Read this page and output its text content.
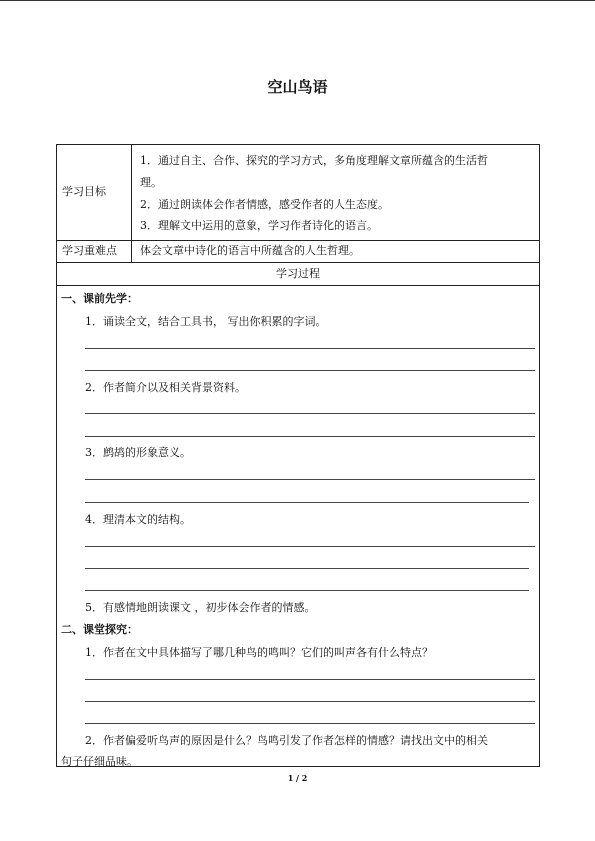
空山鸟语
学习目标
1．通过自主、合作、探究的学习方式，多角度理解文章所蕴含的生活哲
理。
2．通过朗读体会作者情感，感受作者的人生态度。
3．理解文中运用的意象，学习作者诗化的语言。
学习重难点 体会文章中诗化的语言中所蕴含的人生哲理。
学习过程
一、课前先学：
1．诵读全文，结合工具书， 写出你积累的字词。
2．作者简介以及相关背景资料。
3．鹧鸪的形象意义。
4．理清本文的结构。
5．有感情地朗读课文 ，初步体会作者的情感。
二、课堂探究：
1．作者在文中具体描写了哪几种鸟的鸣叫？它们的叫声各有什么特点？
2．作者偏爱听鸟声的原因是什么？鸟鸣引发了作者怎样的情感？请找出文中的相关
句子仔细品味。
1 / 2
